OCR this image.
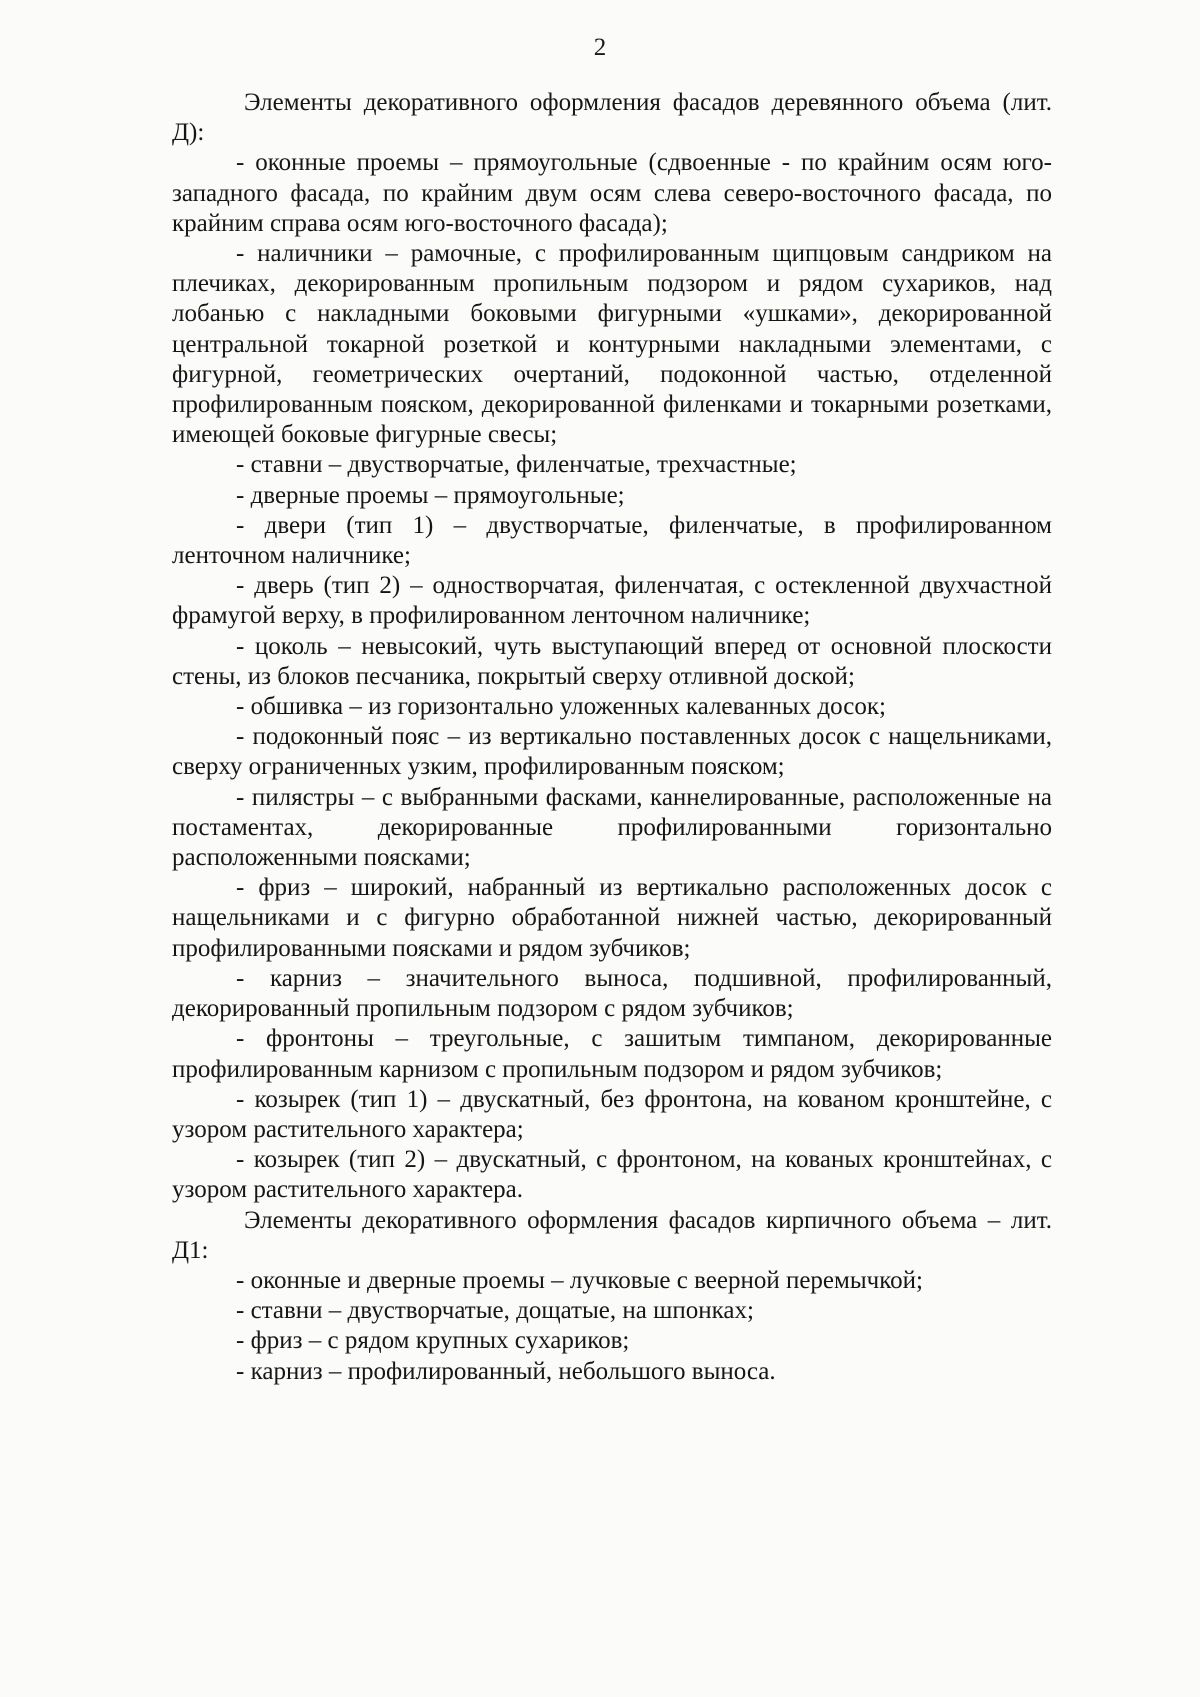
2

Элементы декоративного оформления фасадов деревянного объема (лит. Д):

- оконные проемы – прямоугольные (сдвоенные - по крайним осям юго-западного фасада, по крайним двум осям слева северо-восточного фасада, по крайним справа осям юго-восточного фасада);

- наличники – рамочные, с профилированным щипцовым сандриком на плечиках, декорированным пропильным подзором и рядом сухариков, над лобанью с накладными боковыми фигурными «ушками», декорированной центральной токарной розеткой и контурными накладными элементами, с фигурной, геометрических очертаний, подоконной частью, отделенной профилированным пояском, декорированной филенками и токарными розетками, имеющей боковые фигурные свесы;

- ставни – двустворчатые, филенчатые, трехчастные;

- дверные проемы – прямоугольные;

- двери (тип 1) – двустворчатые, филенчатые, в профилированном ленточном наличнике;

- дверь (тип 2) – одностворчатая, филенчатая, с остекленной двухчастной фрамугой верху, в профилированном ленточном наличнике;

- цоколь – невысокий, чуть выступающий вперед от основной плоскости стены, из блоков песчаника, покрытый сверху отливной доской;

- обшивка – из горизонтально уложенных калеванных досок;

- подоконный пояс – из вертикально поставленных досок с нащельниками, сверху ограниченных узким, профилированным пояском;

- пилястры – с выбранными фасками, каннелированные, расположенные на постаментах, декорированные профилированными горизонтально расположенными поясками;

- фриз – широкий, набранный из вертикально расположенных досок с нащельниками и с фигурно обработанной нижней частью, декорированный профилированными поясками и рядом зубчиков;

- карниз – значительного выноса, подшивной, профилированный, декорированный пропильным подзором с рядом зубчиков;

- фронтоны – треугольные, с зашитым тимпаном, декорированные профилированным карнизом с пропильным подзором и рядом зубчиков;

- козырек (тип 1) – двускатный, без фронтона, на кованом кронштейне, с узором растительного характера;

- козырек (тип 2) – двускатный, с фронтоном, на кованых кронштейнах, с узором растительного характера.

Элементы декоративного оформления фасадов кирпичного объема – лит. Д1:

- оконные и дверные проемы – лучковые с веерной перемычкой;

- ставни – двустворчатые, дощатые, на шпонках;

- фриз – с рядом крупных сухариков;

- карниз – профилированный, небольшого выноса.
